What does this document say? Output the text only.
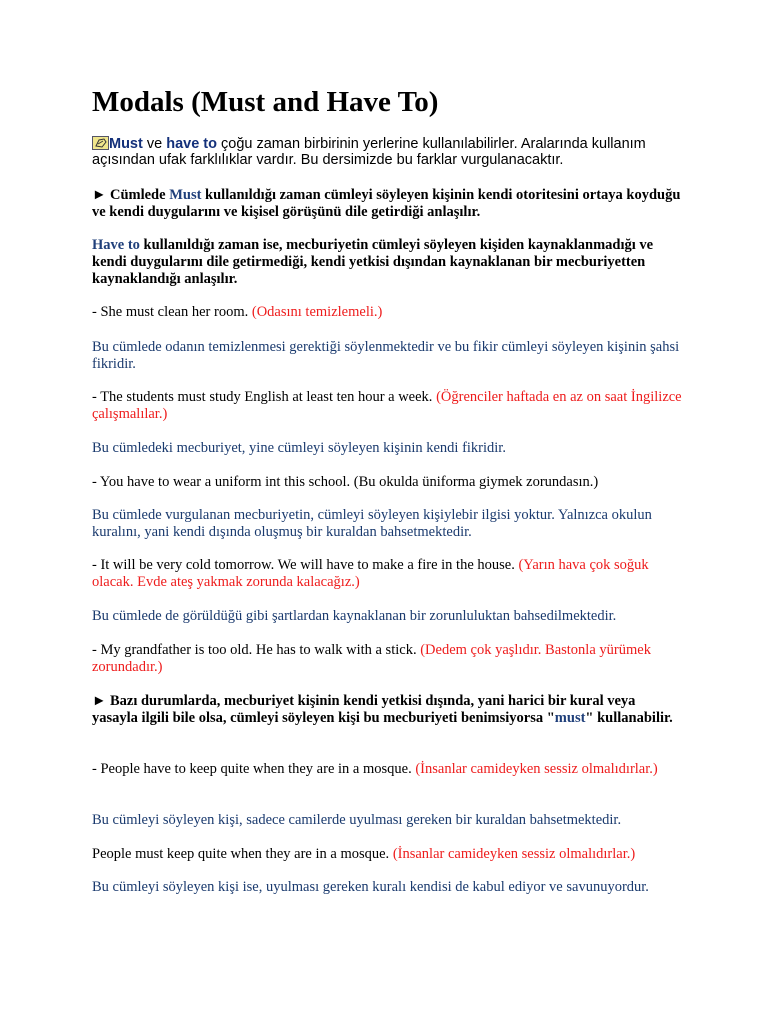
Modals (Must and Have To)
Must ve have to çoğu zaman birbirinin yerlerine kullanılabilirler. Aralarında kullanım açısından ufak farklılıklar vardır. Bu dersimizde bu farklar vurgulanacaktır.
► Cümlede Must kullanıldığı zaman cümleyi söyleyen kişinin kendi otoritesini ortaya koyduğu ve kendi duygularını ve kişisel görüşünü dile getirdiği anlaşılır.
Have to kullanıldığı zaman ise, mecburiyetin cümleyi söyleyen kişiden kaynaklanmadığı ve kendi duygularını dile getirmediği, kendi yetkisi dışından kaynaklanan bir mecburiyetten kaynaklandığı anlaşılır.
- She must clean her room. (Odasını temizlemeli.)
Bu cümlede odanın temizlenmesi gerektiği söylenmektedir ve bu fikir cümleyi söyleyen kişinin şahsi fikridir.
- The students must study English at least ten hour a week. (Öğrenciler haftada en az on saat İngilizce çalışmalılar.)
Bu cümledeki mecburiyet, yine cümleyi söyleyen kişinin kendi fikridir.
- You have to wear a uniform int this school. (Bu okulda üniforma giymek zorundasın.)
Bu cümlede vurgulanan mecburiyetin, cümleyi söyleyen kişiylebir ilgisi yoktur. Yalnızca okulun kuralını, yani kendi dışında oluşmuş bir kuraldan bahsetmektedir.
- It will be very cold tomorrow. We will have to make a fire in the house. (Yarın hava çok soğuk olacak. Evde ateş yakmak zorunda kalacağız.)
Bu cümlede de görüldüğü gibi şartlardan kaynaklanan bir zorunluluktan bahsedilmektedir.
- My grandfather is too old. He has to walk with a stick. (Dedem çok yaşlıdır. Bastonla yürümek zorundadır.)
► Bazı durumlarda, mecburiyet kişinin kendi yetkisi dışında, yani harici bir kural veya yasayla ilgili bile olsa, cümleyi söyleyen kişi bu mecburiyeti benimsiyorsa "must" kullanabilir.
- People have to keep quite when they are in a mosque. (İnsanlar camideyken sessiz olmalıdırlar.)
Bu cümleyi söyleyen kişi, sadece camilerde uyulması gereken bir kuraldan bahsetmektedir.
People must keep quite when they are in a mosque. (İnsanlar camideyken sessiz olmalıdırlar.)
Bu cümleyi söyleyen kişi ise, uyulması gereken kuralı kendisi de kabul ediyor ve savunuyordur.
